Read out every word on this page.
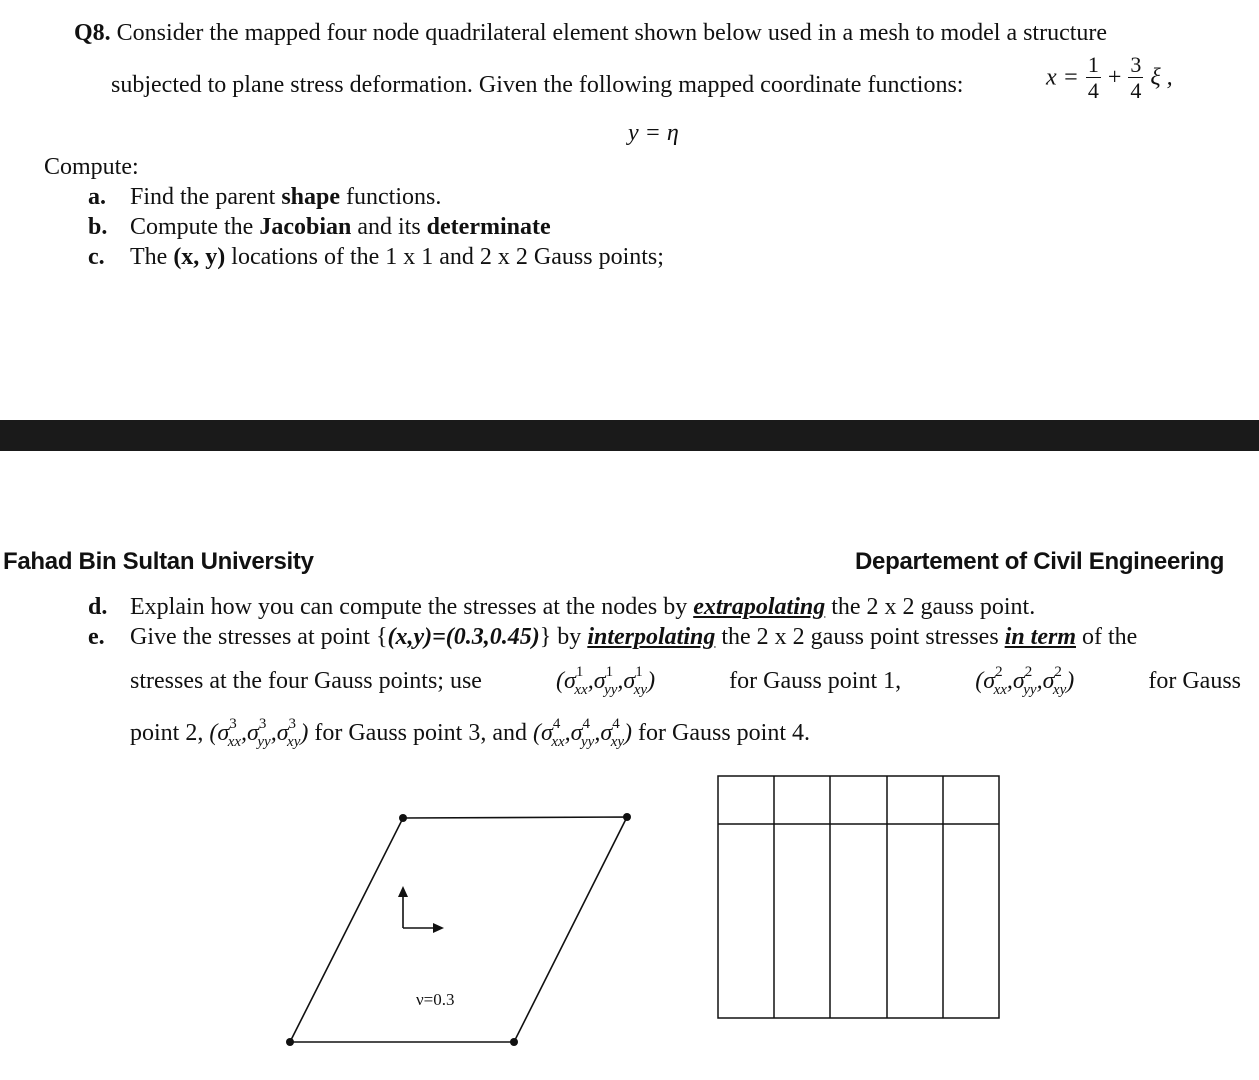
Q8. Consider the mapped four node quadrilateral element shown below used in a mesh to model a structure
subjected to plane stress deformation. Given the following mapped coordinate functions:	$x = \frac{1}{4} + \frac{3}{4}$ ξ ,
y = η
Compute:
a. Find the parent shape functions.
b. Compute the Jacobian and its determinate
c. The (x, y) locations of the 1 x 1 and 2 x 2 Gauss points;
Fahad Bin Sultan University	Departement of Civil Engineering
d. Explain how you can compute the stresses at the nodes by extrapolating the 2 x 2 gauss point.
e. Give the stresses at point {(x,y)=(0.3,0.45)} by interpolating the 2 x 2 gauss point stresses in term of the
stresses at the four Gauss points; use	$(\sigma^1_{xx},\sigma^1_{yy},\sigma^1_{xy})$	for Gauss point 1,	$(\sigma^2_{xx},\sigma^2_{yy},\sigma^2_{xy})$	for Gauss
point 2, $(\sigma^3_{xx},\sigma^3_{yy},\sigma^3_{xy})$ for Gauss point 3, and $(\sigma^4_{xx},\sigma^4_{yy},\sigma^4_{xy})$ for Gauss point 4.
ν=0.3
